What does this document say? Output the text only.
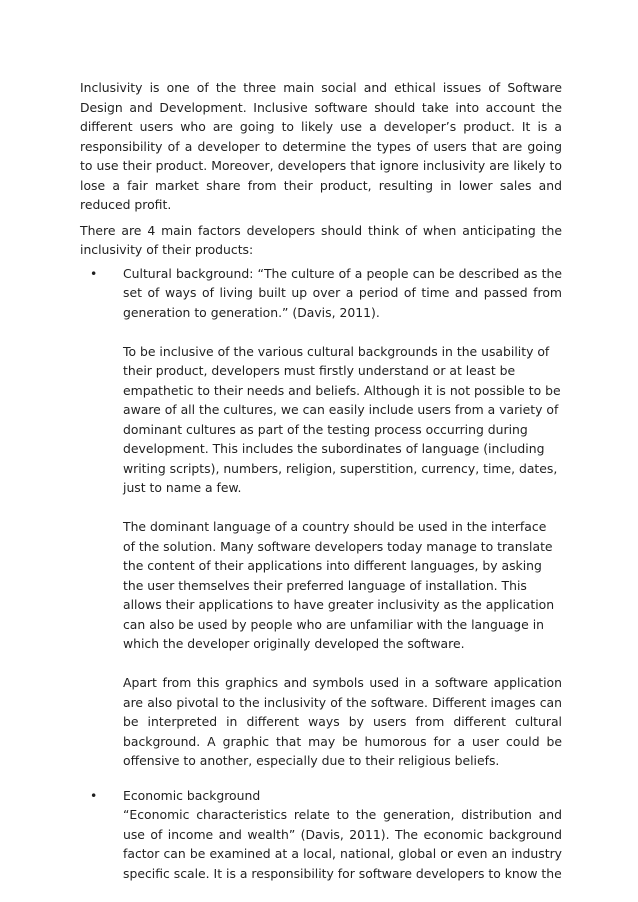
Inclusivity is one of the three main social and ethical issues of Software Design and Development. Inclusive software should take into account the different users who are going to likely use a developer’s product. It is a responsibility of a developer to determine the types of users that are going to use their product. Moreover, developers that ignore inclusivity are likely to lose a fair market share from their product, resulting in lower sales and reduced profit.

There are 4 main factors developers should think of when anticipating the inclusivity of their products:

• Cultural background: “The culture of a people can be described as the set of ways of living built up over a period of time and passed from generation to generation.” (Davis, 2011).

To be inclusive of the various cultural backgrounds in the usability of their product, developers must firstly understand or at least be empathetic to their needs and beliefs. Although it is not possible to be aware of all the cultures, we can easily include users from a variety of dominant cultures as part of the testing process occurring during development. This includes the subordinates of language (including writing scripts), numbers, religion, superstition, currency, time, dates, just to name a few.

The dominant language of a country should be used in the interface of the solution. Many software developers today manage to translate the content of their applications into different languages, by asking the user themselves their preferred language of installation. This allows their applications to have greater inclusivity as the application can also be used by people who are unfamiliar with the language in which the developer originally developed the software.

Apart from this graphics and symbols used in a software application are also pivotal to the inclusivity of the software. Different images can be interpreted in different ways by users from different cultural background. A graphic that may be humorous for a user could be offensive to another, especially due to their religious beliefs.

• Economic background

“Economic characteristics relate to the generation, distribution and use of income and wealth” (Davis, 2011). The economic background factor can be examined at a local, national, global or even an industry specific scale. It is a responsibility for software developers to know the
